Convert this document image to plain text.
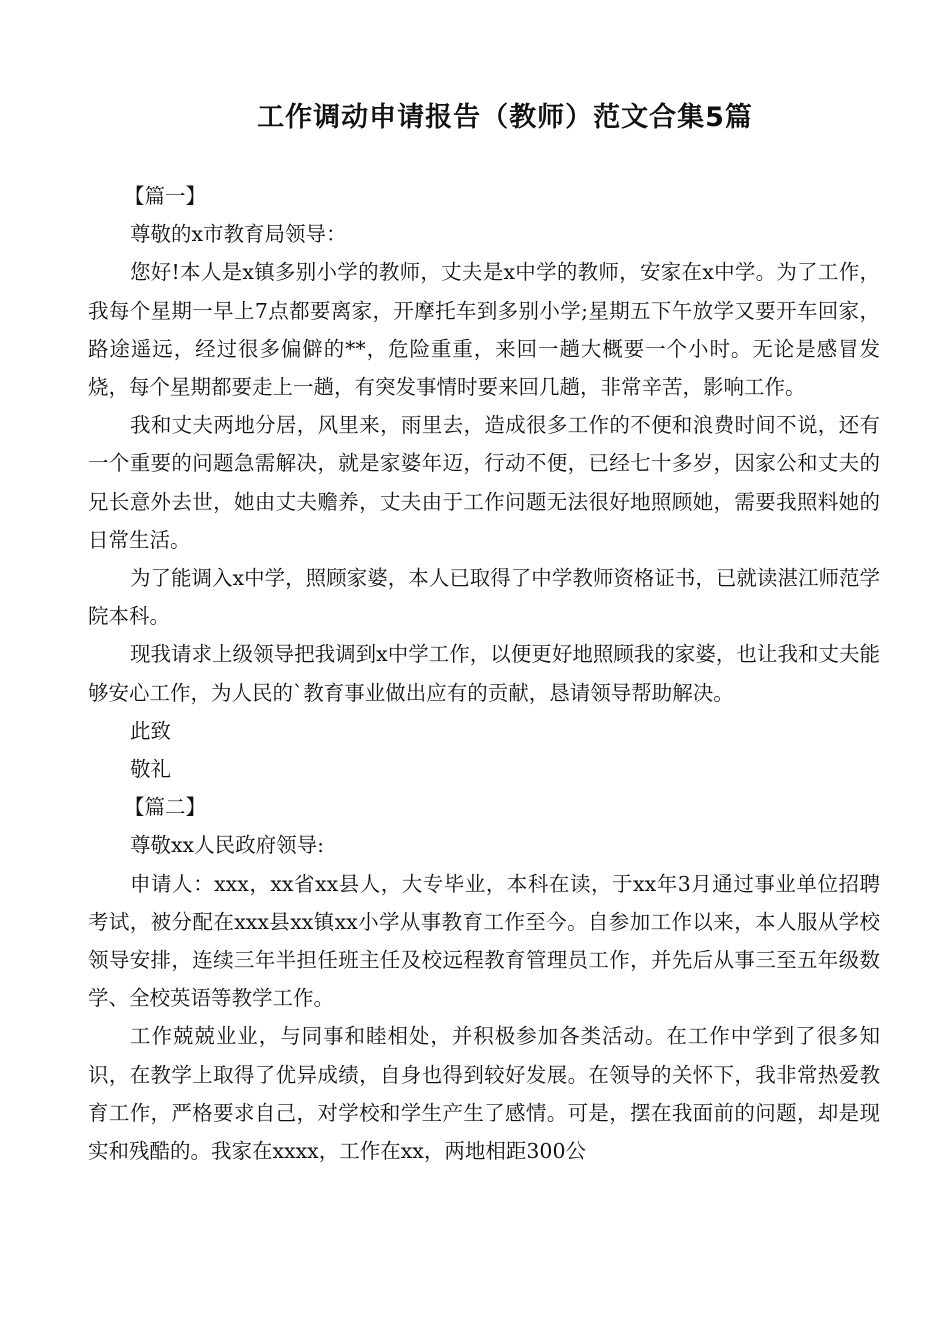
工作调动申请报告（教师）范文合集5篇

【篇一】

尊敬的x市教育局领导：

您好!本人是x镇多别小学的教师，丈夫是x中学的教师，安家在x中学。为了工作，我每个星期一早上7点都要离家，开摩托车到多别小学;星期五下午放学又要开车回家，路途遥远，经过很多偏僻的**，危险重重，来回一趟大概要一个小时。无论是感冒发烧，每个星期都要走上一趟，有突发事情时要来回几趟，非常辛苦，影响工作。

我和丈夫两地分居，风里来，雨里去，造成很多工作的不便和浪费时间不说，还有一个重要的问题急需解决，就是家婆年迈，行动不便，已经七十多岁，因家公和丈夫的兄长意外去世，她由丈夫赡养，丈夫由于工作问题无法很好地照顾她，需要我照料她的日常生活。

为了能调入x中学，照顾家婆，本人已取得了中学教师资格证书，已就读湛江师范学院本科。

现我请求上级领导把我调到x中学工作，以便更好地照顾我的家婆，也让我和丈夫能够安心工作，为人民的`教育事业做出应有的贡献，恳请领导帮助解决。

此致

敬礼

【篇二】

尊敬xx人民政府领导:

申请人：xxx，xx省xx县人，大专毕业，本科在读，于xx年3月通过事业单位招聘考试，被分配在xxx县xx镇xx小学从事教育工作至今。自参加工作以来，本人服从学校领导安排，连续三年半担任班主任及校远程教育管理员工作，并先后从事三至五年级数学、全校英语等教学工作。

工作兢兢业业，与同事和睦相处，并积极参加各类活动。在工作中学到了很多知识，在教学上取得了优异成绩，自身也得到较好发展。在领导的关怀下，我非常热爱教育工作，严格要求自己，对学校和学生产生了感情。可是，摆在我面前的问题，却是现实和残酷的。我家在xxxx，工作在xx，两地相距300公
